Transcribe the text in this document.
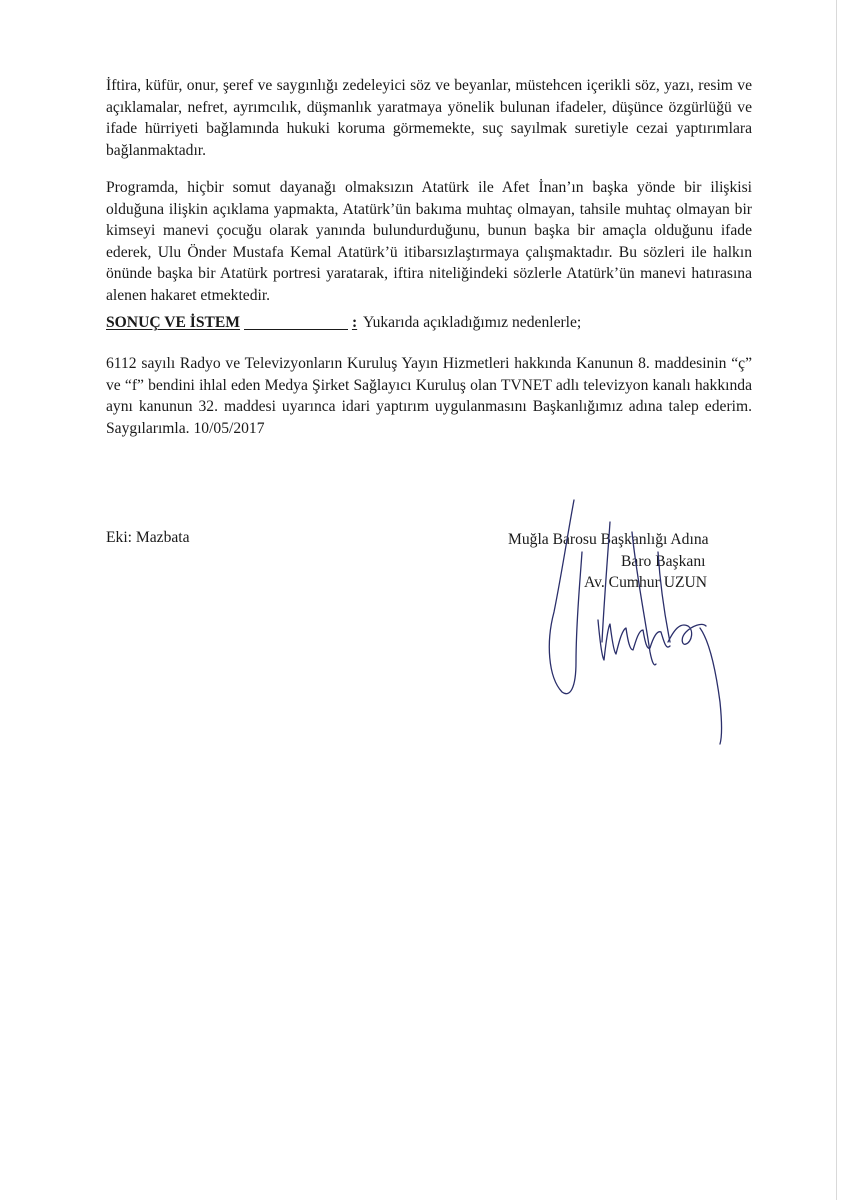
İftira, küfür, onur, şeref ve saygınlığı zedeleyici söz ve beyanlar, müstehcen içerikli söz, yazı, resim ve açıklamalar, nefret, ayrımcılık, düşmanlık yaratmaya yönelik bulunan ifadeler, düşünce özgürlüğü ve ifade hürriyeti bağlamında hukuki koruma görmemekte, suç sayılmak suretiyle cezai yaptırımlara bağlanmaktadır.

Programda, hiçbir somut dayanağı olmaksızın Atatürk ile Afet İnan’ın başka yönde bir ilişkisi olduğuna ilişkin açıklama yapmakta, Atatürk’ün bakıma muhtaç olmayan, tahsile muhtaç olmayan bir kimseyi manevi çocuğu olarak yanında bulundurduğunu, bunun başka bir amaçla olduğunu ifade ederek, Ulu Önder Mustafa Kemal Atatürk’ü itibarsızlaştırmaya çalışmaktadır. Bu sözleri ile halkın önünde başka bir Atatürk portresi yaratarak, iftira niteliğindeki sözlerle Atatürk’ün manevi hatırasına alenen hakaret etmektedir.

SONUÇ VE İSTEM	: Yukarıda açıkladığımız nedenlerle;

6112 sayılı Radyo ve Televizyonların Kuruluş Yayın Hizmetleri hakkında Kanunun 8. maddesinin “ç” ve “f” bendini ihlal eden Medya Şirket Sağlayıcı Kuruluş olan TVNET adlı televizyon kanalı hakkında aynı kanunun 32. maddesi uyarınca idari yaptırım uygulanmasını Başkanlığımız adına talep ederim. Saygılarımla. 10/05/2017

Eki: Mazbata	Muğla Barosu Başkanlığı Adına
Baro Başkanı
Av. Cumhur UZUN
